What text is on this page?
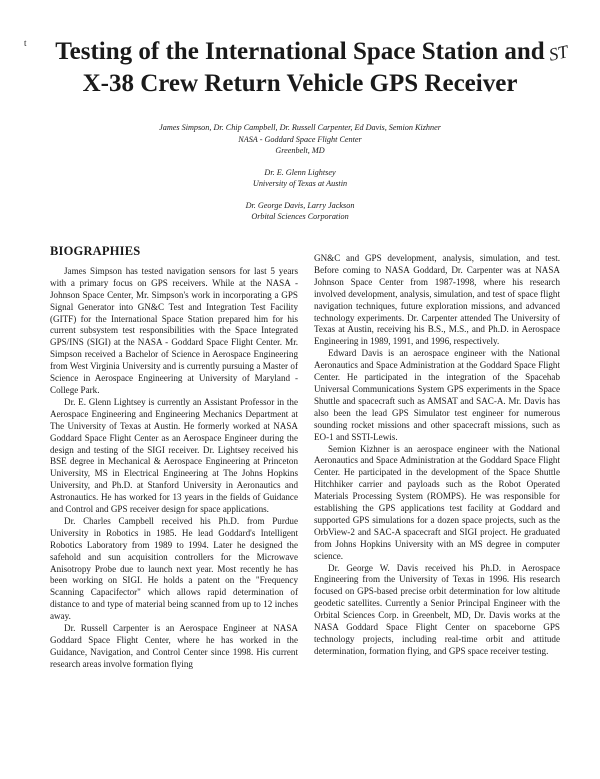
t	ST
Testing of the International Space Station and
X-38 Crew Return Vehicle GPS Receiver
James Simpson, Dr. Chip Campbell, Dr. Russell Carpenter, Ed Davis, Semion Kizhner
NASA - Goddard Space Flight Center
Greenbelt, MD
Dr. E. Glenn Lightsey
University of Texas at Austin
Dr. George Davis, Larry Jackson
Orbital Sciences Corporation
BIOGRAPHIES

James Simpson has tested navigation sensors for last 5 years with a primary focus on GPS receivers. While at the NASA - Johnson Space Center, Mr. Simpson's work in incorporating a GPS Signal Generator into GN&C Test and Integration Test Facility (GITF) for the International Space Station prepared him for his current subsystem test responsibilities with the Space Integrated GPS/INS (SIGI) at the NASA - Goddard Space Flight Center. Mr. Simpson received a Bachelor of Science in Aerospace Engineering from West Virginia University and is currently pursuing a Master of Science in Aerospace Engineering at University of Maryland - College Park.

Dr. E. Glenn Lightsey is currently an Assistant Professor in the Aerospace Engineering and Engineering Mechanics Department at The University of Texas at Austin. He formerly worked at NASA Goddard Space Flight Center as an Aerospace Engineer during the design and testing of the SIGI receiver. Dr. Lightsey received his BSE degree in Mechanical & Aerospace Engineering at Princeton University, MS in Electrical Engineering at The Johns Hopkins University, and Ph.D. at Stanford University in Aeronautics and Astronautics. He has worked for 13 years in the fields of Guidance and Control and GPS receiver design for space applications.

Dr. Charles Campbell received his Ph.D. from Purdue University in Robotics in 1985. He lead Goddard's Intelligent Robotics Laboratory from 1989 to 1994. Later he designed the safehold and sun acquisition controllers for the Microwave Anisotropy Probe due to launch next year. Most recently he has been working on SIGI. He holds a patent on the "Frequency Scanning Capacifector" which allows rapid determination of distance to and type of material being scanned from up to 12 inches away.

Dr. Russell Carpenter is an Aerospace Engineer at NASA Goddard Space Flight Center, where he has worked in the Guidance, Navigation, and Control Center since 1998. His current research areas involve formation flying

GN&C and GPS development, analysis, simulation, and test. Before coming to NASA Goddard, Dr. Carpenter was at NASA Johnson Space Center from 1987-1998, where his research involved development, analysis, simulation, and test of space flight navigation techniques, future exploration missions, and advanced technology experiments. Dr. Carpenter attended The University of Texas at Austin, receiving his B.S., M.S., and Ph.D. in Aerospace Engineering in 1989, 1991, and 1996, respectively.

Edward Davis is an aerospace engineer with the National Aeronautics and Space Administration at the Goddard Space Flight Center. He participated in the integration of the Spacehab Universal Communications System GPS experiments in the Space Shuttle and spacecraft such as AMSAT and SAC-A. Mr. Davis has also been the lead GPS Simulator test engineer for numerous sounding rocket missions and other spacecraft missions, such as EO-1 and SSTI-Lewis.

Semion Kizhner is an aerospace engineer with the National Aeronautics and Space Administration at the Goddard Space Flight Center. He participated in the development of the Space Shuttle Hitchhiker carrier and payloads such as the Robot Operated Materials Processing System (ROMPS). He was responsible for establishing the GPS applications test facility at Goddard and supported GPS simulations for a dozen space projects, such as the OrbView-2 and SAC-A spacecraft and SIGI project. He graduated from Johns Hopkins University with an MS degree in computer science.

Dr. George W. Davis received his Ph.D. in Aerospace Engineering from the University of Texas in 1996. His research focused on GPS-based precise orbit determination for low altitude geodetic satellites. Currently a Senior Principal Engineer with the Orbital Sciences Corp. in Greenbelt, MD, Dr. Davis works at the NASA Goddard Space Flight Center on spaceborne GPS technology projects, including real-time orbit and attitude determination, formation flying, and GPS space receiver testing.
